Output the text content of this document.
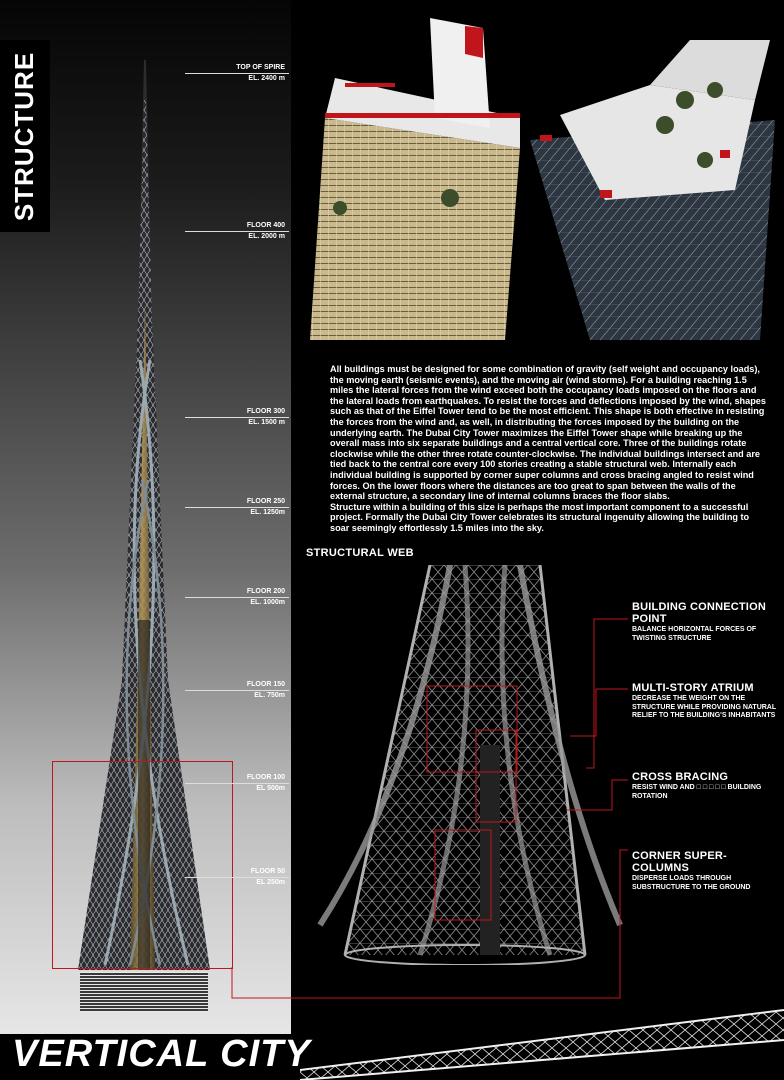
STRUCTURE	TOP OF SPIRE
EL. 2400 m
FLOOR 400
EL. 2000 m
FLOOR 300
EL. 1500 m
FLOOR 250
EL. 1250m
FLOOR 200
EL. 1000m
FLOOR 150
EL. 750m
FLOOR 100
EL 500m
FLOOR 50
EL 250m

All buildings must be designed for some combination of gravity (self weight and occupancy loads), the moving earth (seismic events), and the moving air (wind storms). For a building reaching 1.5 miles the lateral forces from the wind exceed both the occupancy loads imposed on the floors and the lateral loads from earthquakes. To resist the forces and deflections imposed by the wind, shapes such as that of the Eiffel Tower tend to be the most efficient. This shape is both effective in resisting the forces from the wind and, as well, in distributing the forces imposed by the building on the underlying earth. The Dubai City Tower maximizes the Eiffel Tower shape while breaking up the overall mass into six separate buildings and a central vertical core. Three of the buildings rotate clockwise while the other three rotate counter-clockwise. The individual buildings intersect and are tied back to the central core every 100 stories creating a stable structural web. Internally each individual building is supported by corner super columns and cross bracing angled to resist wind forces. On the lower floors where the distances are too great to span between the walls of the external structure, a secondary line of internal columns braces the floor slabs.

Structure within a building of this size is perhaps the most important component to a successful project. Formally the Dubai City Tower celebrates its structural ingenuity allowing the building to soar seemingly effortlessly 1.5 miles into the sky.

STRUCTURAL WEB
BUILDING CONNECTION POINT
BALANCE HORIZONTAL FORCES OF TWISTING STRUCTURE
MULTI-STORY ATRIUM
DECREASE THE WEIGHT ON THE STRUCTURE WHILE PROVIDING NATURAL RELIEF TO THE BUILDING'S INHABITANTS
CROSS BRACING
RESIST WIND AND □ □ □ □ □ BUILDING ROTATION
CORNER SUPER-COLUMNS
DISPERSE LOADS THROUGH SUBSTRUCTURE TO THE GROUND
VERTICAL CITY
